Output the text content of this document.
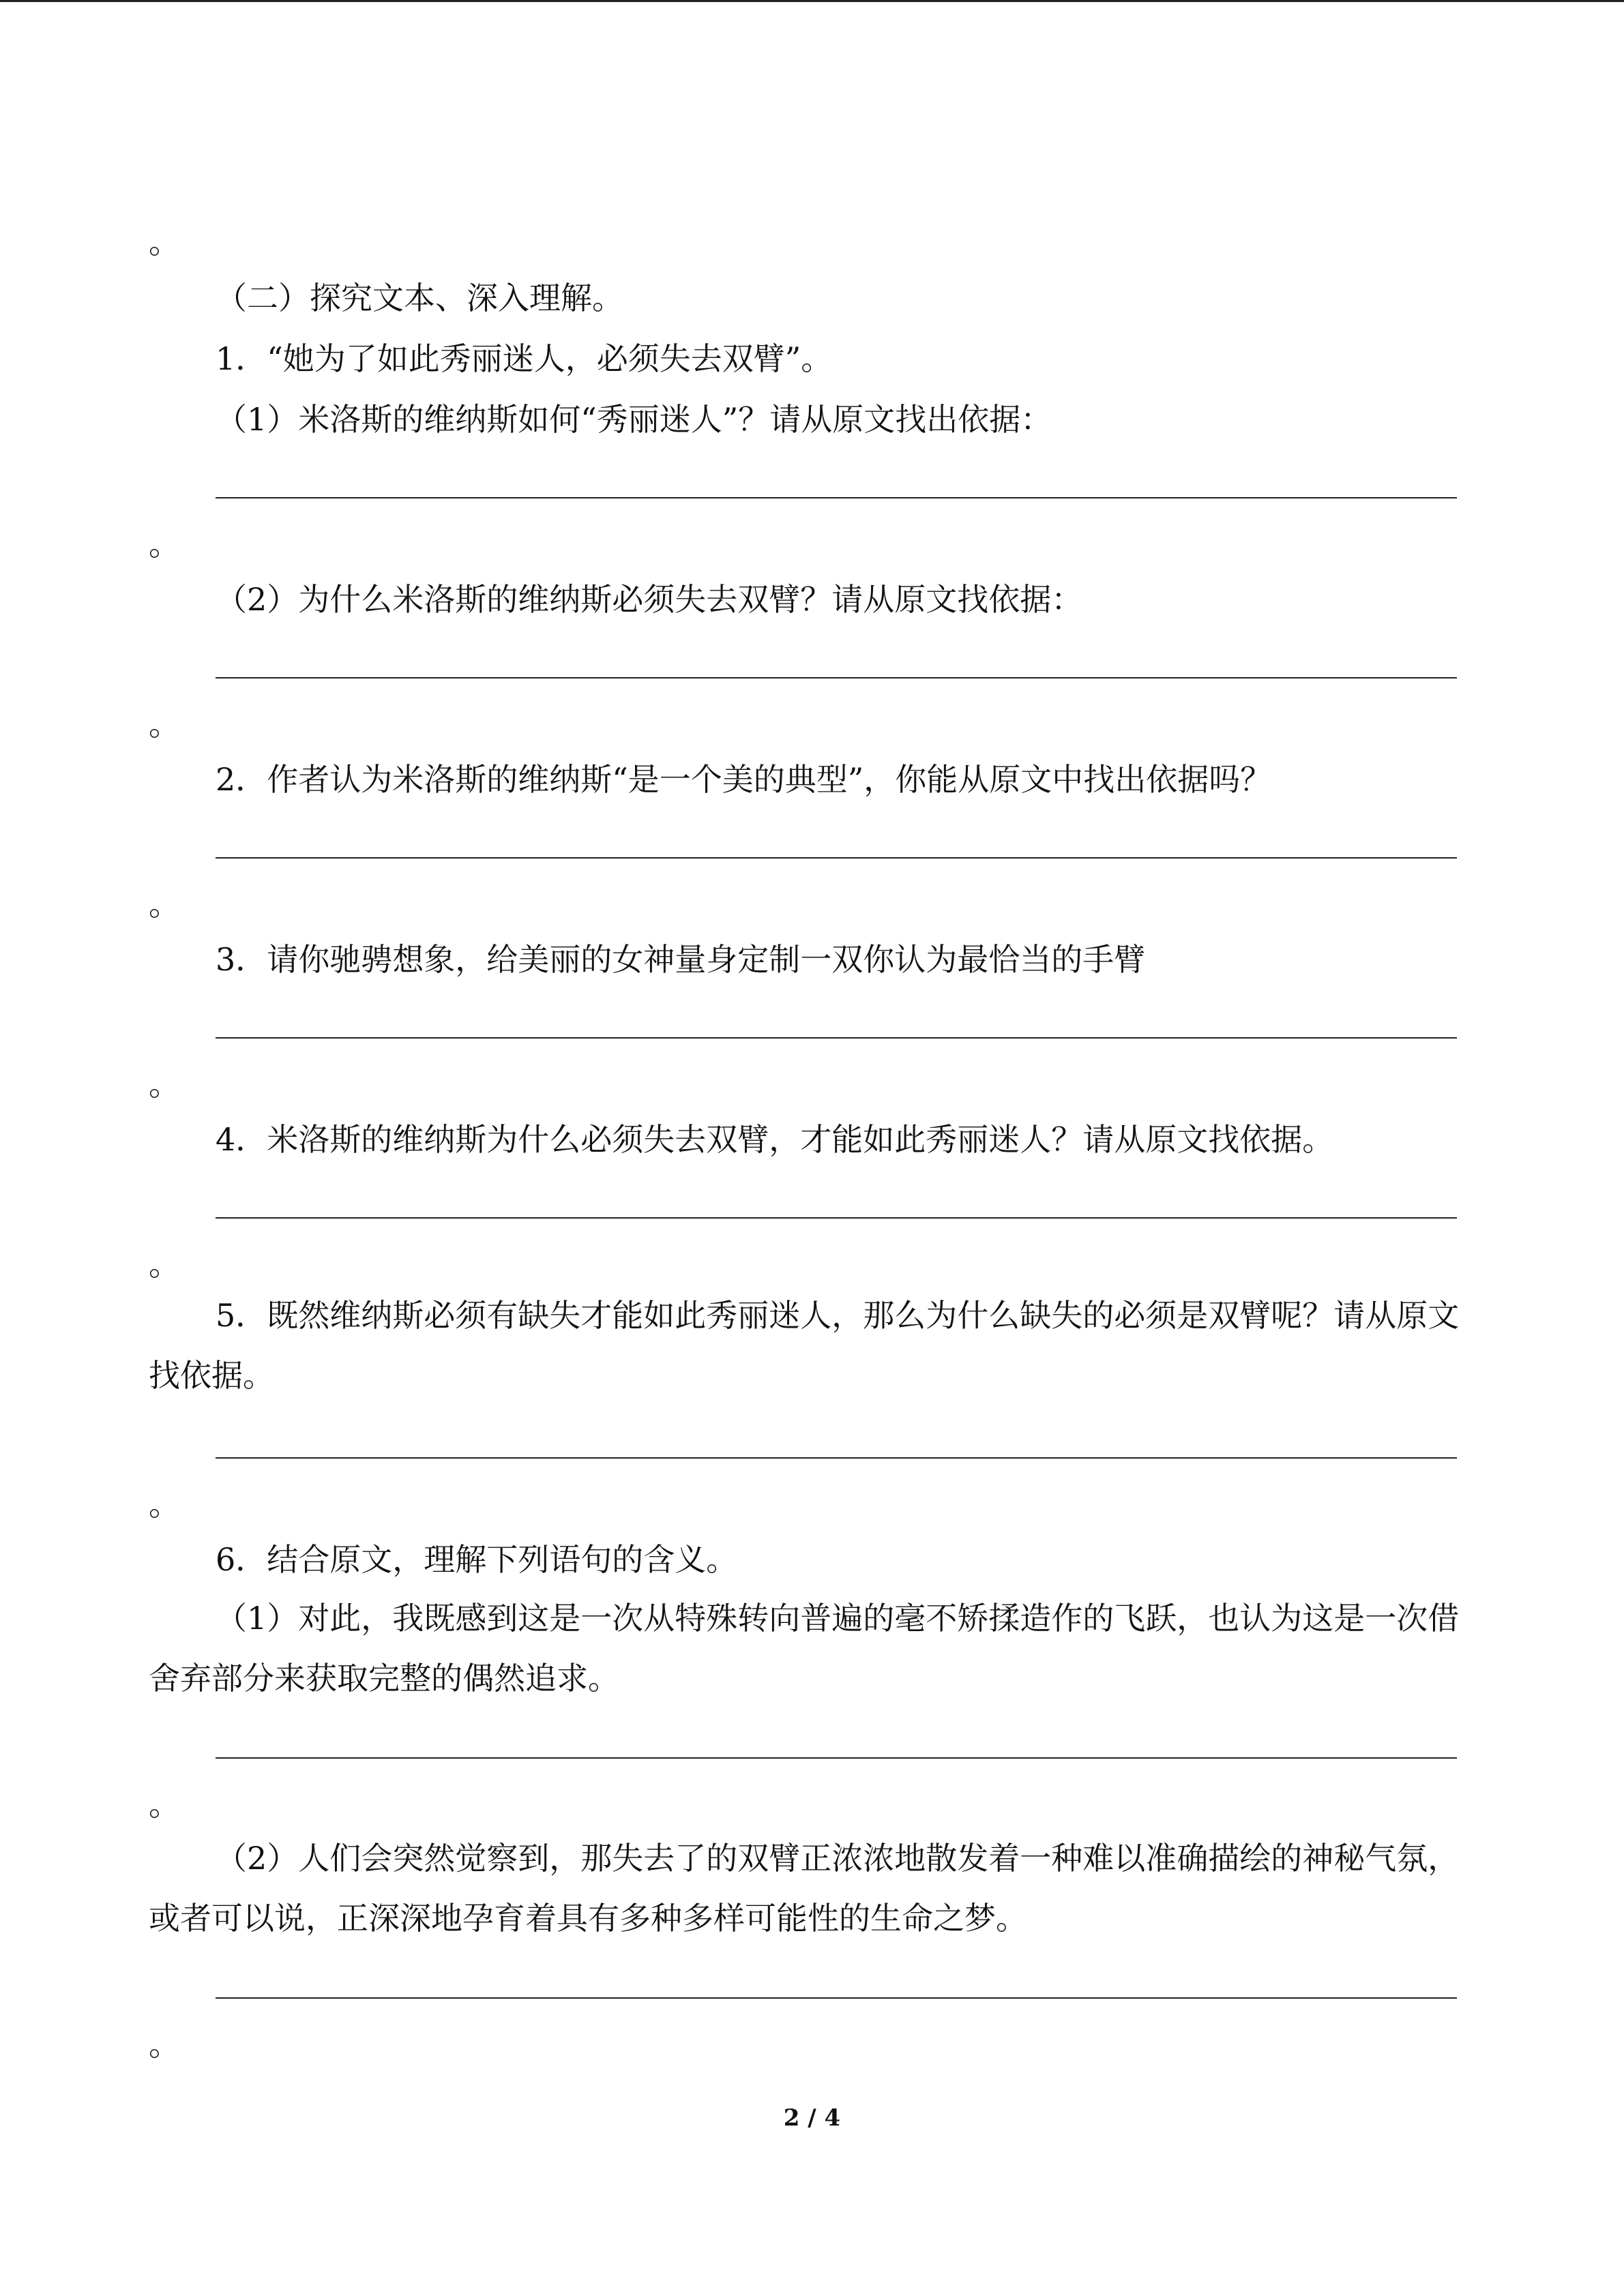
。
（二）探究文本、深入理解。
1．“她为了如此秀丽迷人，必须失去双臂”。
（1）米洛斯的维纳斯如何“秀丽迷人”？请从原文找出依据：
。
（2）为什么米洛斯的维纳斯必须失去双臂？请从原文找依据：
。
2．作者认为米洛斯的维纳斯“是一个美的典型”，你能从原文中找出依据吗？
。
3．请你驰骋想象，给美丽的女神量身定制一双你认为最恰当的手臂
。
4．米洛斯的维纳斯为什么必须失去双臂，才能如此秀丽迷人？请从原文找依据。
。
5．既然维纳斯必须有缺失才能如此秀丽迷人，那么为什么缺失的必须是双臂呢？请从原文找依据。
。
6．结合原文，理解下列语句的含义。
（1）对此，我既感到这是一次从特殊转向普遍的毫不矫揉造作的飞跃，也认为这是一次借舍弃部分来获取完整的偶然追求。
。
（2）人们会突然觉察到，那失去了的双臂正浓浓地散发着一种难以准确描绘的神秘气氛，或者可以说，正深深地孕育着具有多种多样可能性的生命之梦。
。
2 / 4
